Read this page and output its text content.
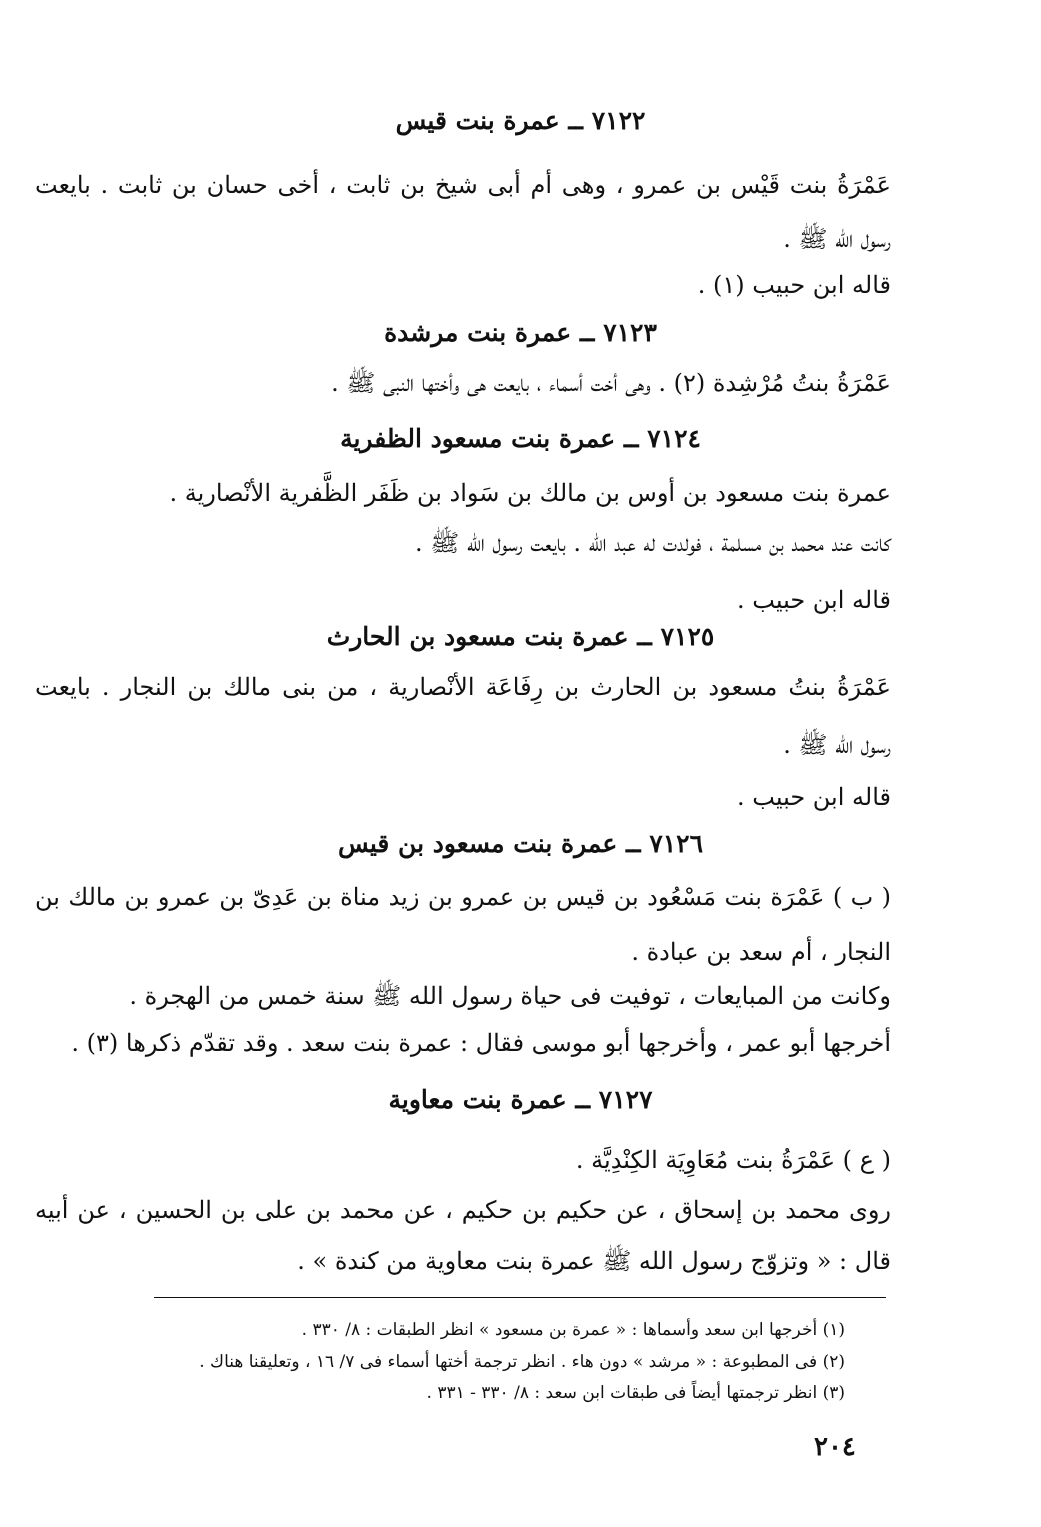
٧١٢٢ ــ عمرة بنت قيس
عَمْرَةُ بنت قَيْس بن عمرو ، وهى أم أبى شيخ بن ثابت ، أخى حسان بن ثابت . بايعت
رسول الله ﷺ .
قاله ابن حبيب (١) .
٧١٢٣ ــ عمرة بنت مرشدة
عَمْرَةُ بنتُ مُرْشِدة (٢) . وهى أخت أسماء ، بايعت هى وأختها النبى ﷺ .
٧١٢٤ ــ عمرة بنت مسعود الظفرية
عمرة بنت مسعود بن أوس بن مالك بن سَواد بن ظَفَر الظَّفرية الأنْصارية .
كانت عند محمد بن مسلمة ، فولدت له عبد الله . بايعت رسول الله ﷺ .
قاله ابن حبيب .
٧١٢٥ ــ عمرة بنت مسعود بن الحارث
عَمْرَةُ بنتُ مسعود بن الحارث بن رِفَاعَة الأنْصارية ، من بنى مالك بن النجار . بايعت
رسول الله ﷺ .
قاله ابن حبيب .
٧١٢٦ ــ عمرة بنت مسعود بن قيس
( ب ) عَمْرَة بنت مَسْعُود بن قيس بن عمرو بن زيد مناة بن عَدِىّ بن عمرو بن مالك بن
النجار ، أم سعد بن عبادة .
وكانت من المبايعات ، توفيت فى حياة رسول الله ﷺ سنة خمس من الهجرة .
أخرجها أبو عمر ، وأخرجها أبو موسى فقال : عمرة بنت سعد . وقد تقدّم ذكرها (٣) .
٧١٢٧ ــ عمرة بنت معاوية
( ع ) عَمْرَةُ بنت مُعَاوِيَة الكِنْدِيَّة .
روى محمد بن إسحاق ، عن حكيم بن حكيم ، عن محمد بن على بن الحسين ، عن أبيه
قال : « وتزوّج رسول الله ﷺ عمرة بنت معاوية من كندة » .
(١) أخرجها ابن سعد وأسماها : « عمرة بن مسعود » انظر الطبقات : ٨/ ٣٣٠ .
(٢) فى المطبوعة : « مرشد » دون هاء . انظر ترجمة أختها أسماء فى ٧/ ١٦ ، وتعليقنا هناك .
(٣) انظر ترجمتها أيضاً فى طبقات ابن سعد : ٨/ ٣٣٠ - ٣٣١ .
٢٠٤
